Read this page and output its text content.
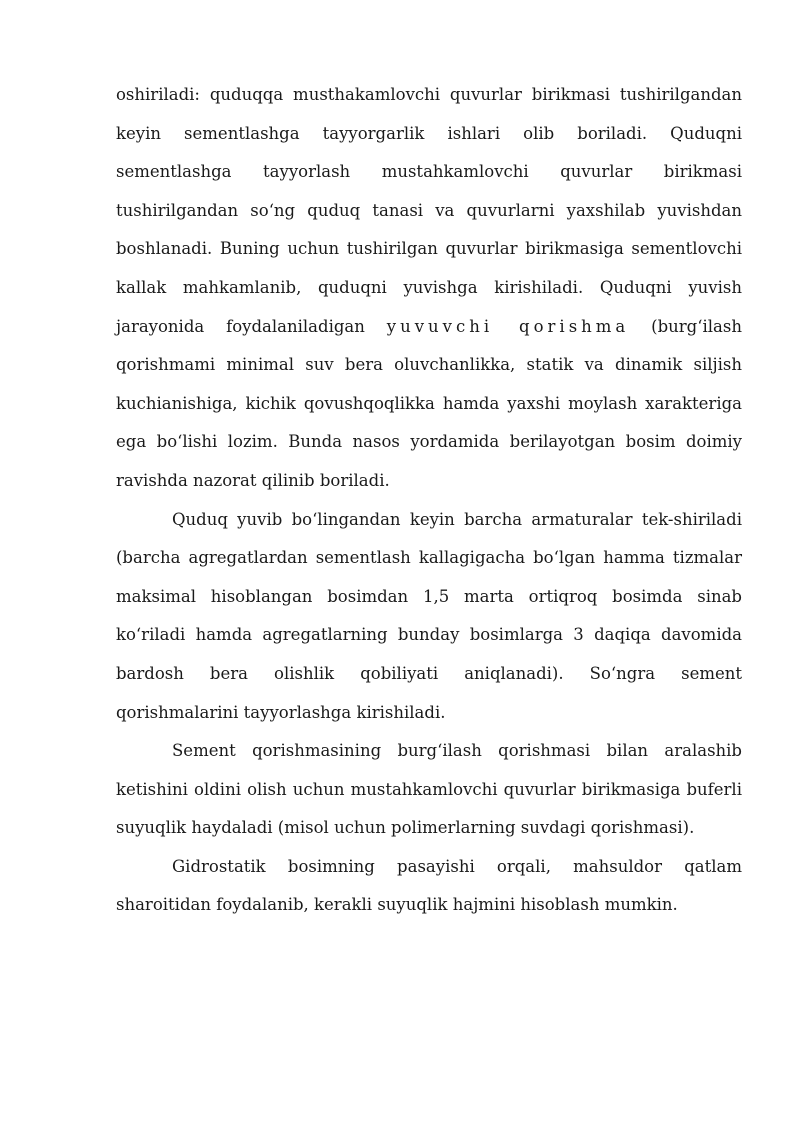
oshiriladi: quduqqa musthakamlovchi quvurlar birikmasi tushirilgandan keyin sementlashga tayyorgarlik ishlari olib boriladi. Quduqni sementlashga tayyorlash mustahkamlovchi quvurlar birikmasi tushirilgandan so‘ng quduq tanasi va quvurlarni yaxshilab yuvishdan boshlanadi. Buning uchun tushirilgan quvurlar birikmasiga sementlovchi kallak mahkamlanib, quduqni yuvishga kirishiladi. Quduqni yuvish jarayonida foydalaniladigan yuvuvchi qorishma (burg‘ilash qorishmami minimal suv bera oluvchanlikka, statik va dinamik siljish kuchianishiga, kichik qovushqoqlikka hamda yaxshi moylash xarakteriga ega bo‘lishi lozim. Bunda nasos yordamida berilayotgan bosim doimiy ravishda nazorat qilinib boriladi.

Quduq yuvib bo‘lingandan keyin barcha armaturalar tek-shiriladi (barcha agregatlardan sementlash kallagigacha bo‘lgan hamma tizmalar maksimal hisoblangan bosimdan 1,5 marta ortiqroq bosimda sinab ko‘riladi hamda agregatlarning bunday bosimlarga 3 daqiqa davomida bardosh bera olishlik qobiliyati aniqlanadi). So‘ngra sement qorishmalarini tayyorlashga kirishiladi.

Sement qorishmasining burg‘ilash qorishmasi bilan aralashib ketishini oldini olish uchun mustahkamlovchi quvurlar birikmasiga buferli suyuqlik haydaladi (misol uchun polimerlarning suvdagi qorishmasi).

Gidrostatik bosimning pasayishi orqali, mahsuldor qatlam sharoitidan foydalanib, kerakli suyuqlik hajmini hisoblash mumkin.
